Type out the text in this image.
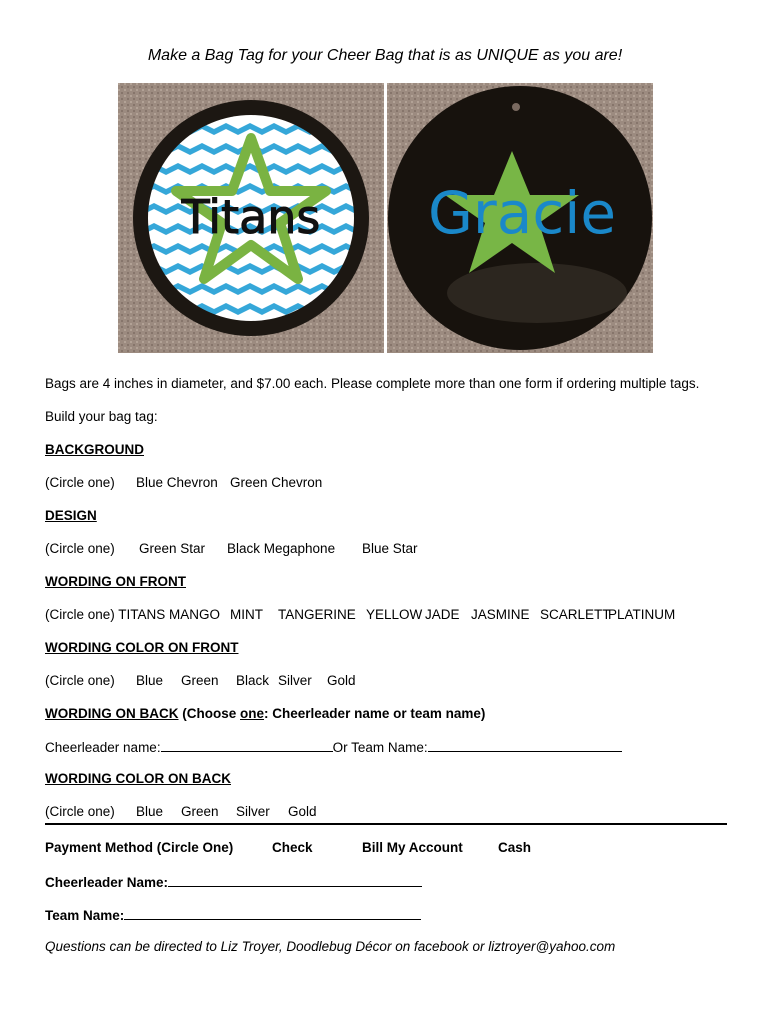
Make a Bag Tag for your Cheer Bag that is as UNIQUE as you are!
Titans Gracie
Bags are 4 inches in diameter, and $7.00 each. Please complete more than one form if ordering multiple tags.
Build your bag tag:
BACKGROUND
(Circle one) Blue Chevron Green Chevron
DESIGN
(Circle one) Green Star Black Megaphone Blue Star
WORDING ON FRONT
(Circle one) TITANS MANGO MINT TANGERINE YELLOW JADE JASMINE SCARLETT
PLATINUM
WORDING COLOR ON FRONT
(Circle one) Blue Green Black Silver Gold
WORDING ON BACK (Choose one: Cheerleader name or team name)
Cheerleader name:	Or Team Name:
WORDING COLOR ON BACK
(Circle one) Blue Green Silver Gold
Payment Method (Circle One)	Check	Bill My Account	Cash
Cheerleader Name:
Team Name:
Questions can be directed to Liz Troyer, Doodlebug Décor on facebook or liztroyer@yahoo.com
